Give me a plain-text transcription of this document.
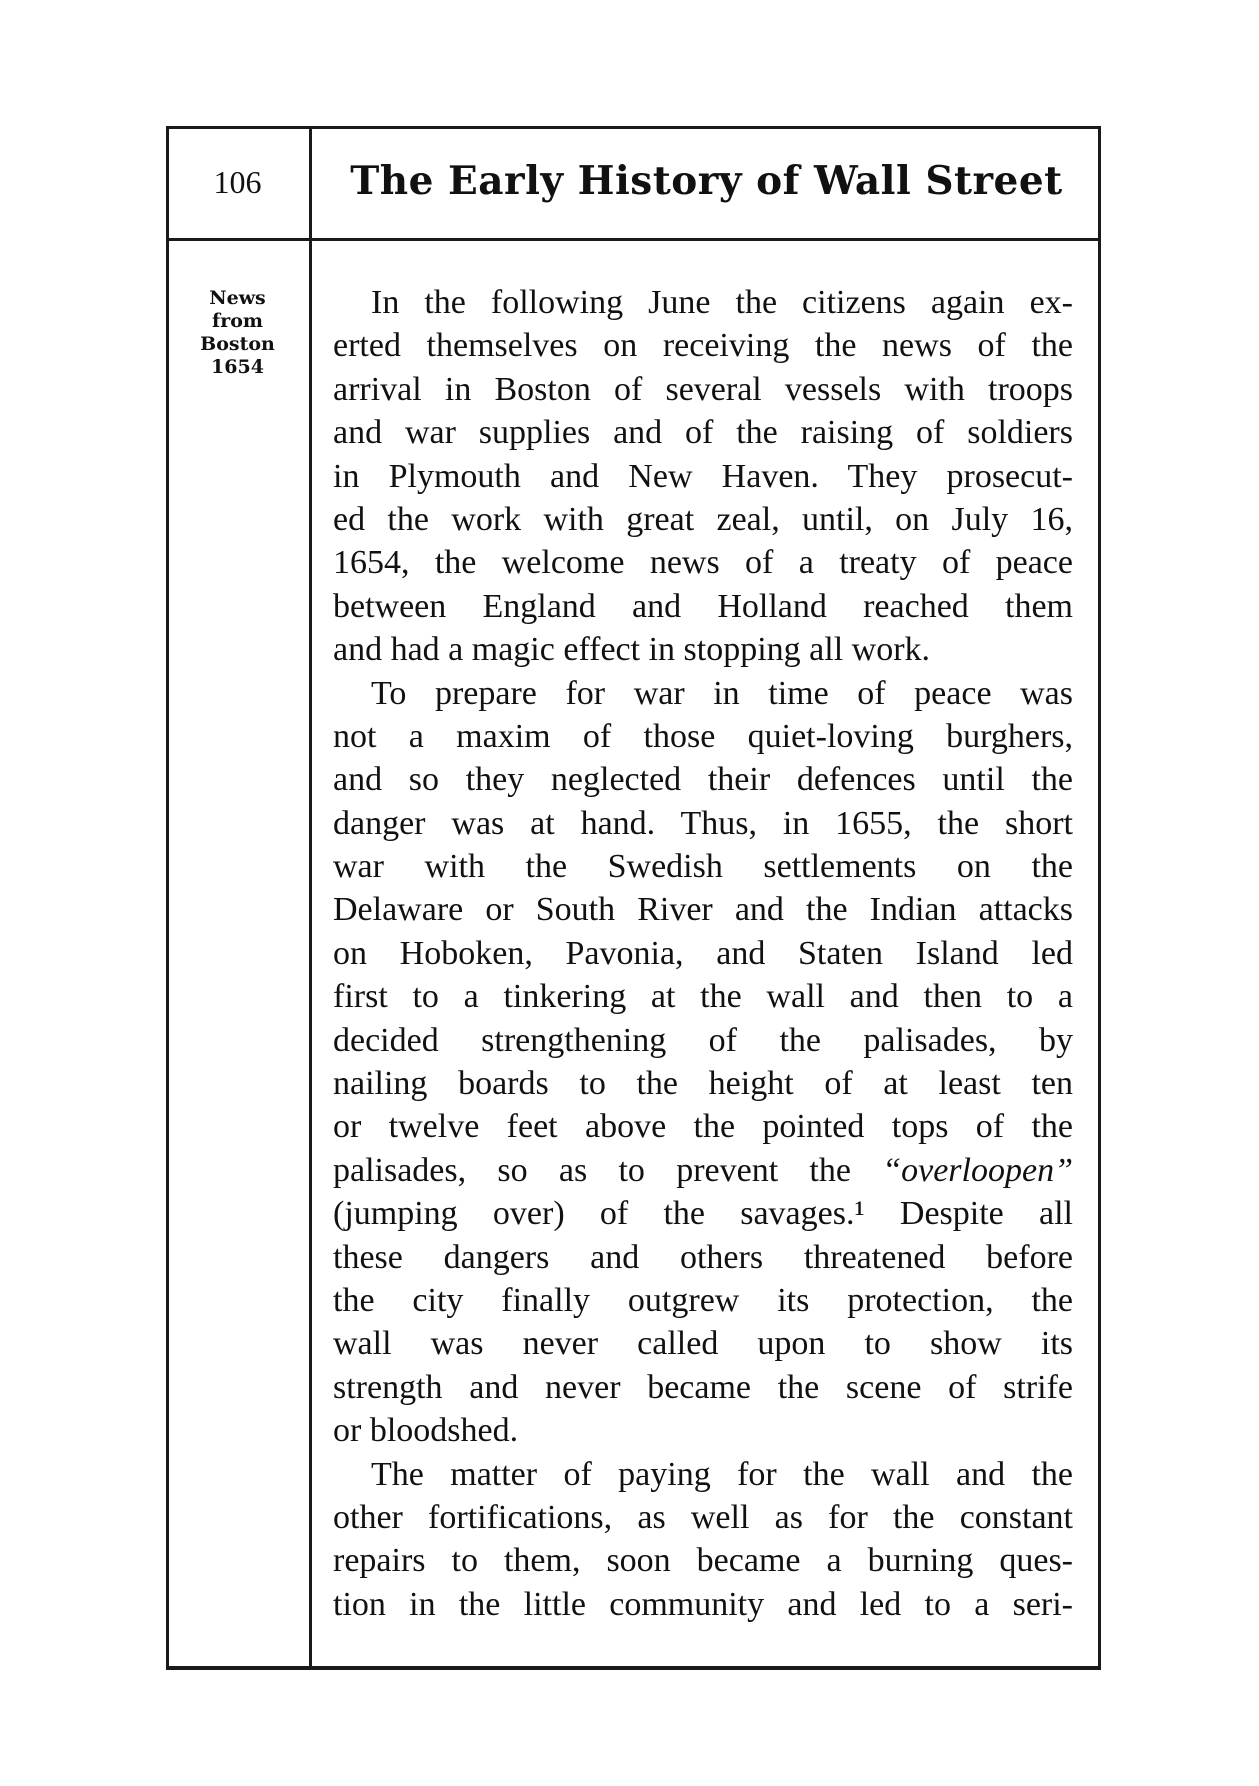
106	The Early History of Wall Street
News
from
Boston
1654
In the following June the citizens again ex-
erted themselves on receiving the news of the
arrival in Boston of several vessels with troops
and war supplies and of the raising of soldiers
in Plymouth and New Haven. They prosecut-
ed the work with great zeal, until, on July 16,
1654, the welcome news of a treaty of peace
between England and Holland reached them
and had a magic effect in stopping all work.
To prepare for war in time of peace was
not a maxim of those quiet-loving burghers,
and so they neglected their defences until the
danger was at hand. Thus, in 1655, the short
war with the Swedish settlements on the
Delaware or South River and the Indian attacks
on Hoboken, Pavonia, and Staten Island led
first to a tinkering at the wall and then to a
decided strengthening of the palisades, by
nailing boards to the height of at least ten
or twelve feet above the pointed tops of the
palisades, so as to prevent the “overloopen”
(jumping over) of the savages.¹ Despite all
these dangers and others threatened before
the city finally outgrew its protection, the
wall was never called upon to show its
strength and never became the scene of strife
or bloodshed.
The matter of paying for the wall and the
other fortifications, as well as for the constant
repairs to them, soon became a burning ques-
tion in the little community and led to a seri-
